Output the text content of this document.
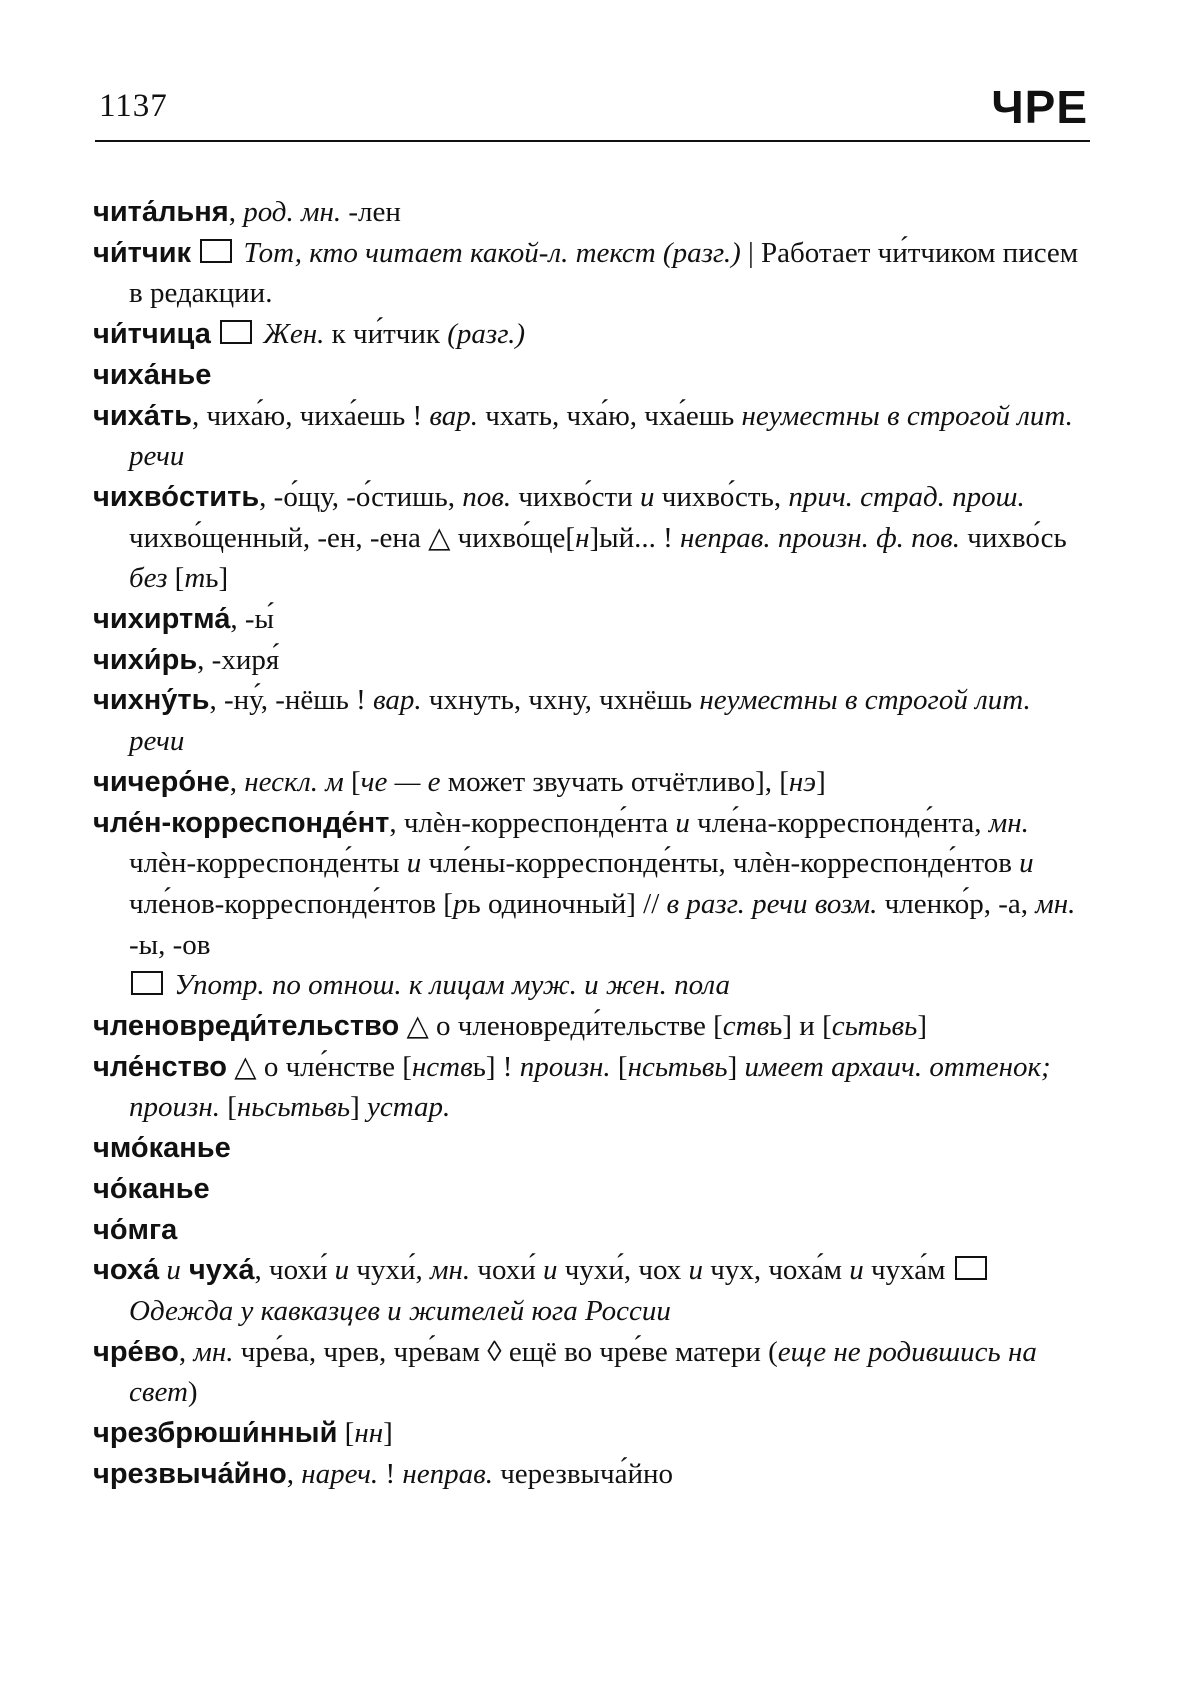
1137	ЧРЕ

чита́льня, род. мн. -лен

чи́тчик Тот, кто читает какой-л. текст (разг.) | Работает чи́тчиком писем в редакции.

чи́тчица Жен. к чи́тчик (разг.)

чиха́нье

чиха́ть, чиха́ю, чиха́ешь ! вар. чхать, чха́ю, чха́ешь неуместны в строгой лит. речи

чихво́стить, -о́щу, -о́стишь, пов. чихво́сти и чихво́сть, прич. страд. прош. чихво́щенный, -ен, -ена △ чихво́ще[н]ый... ! неправ. произн. ф. пов. чихво́сь без [ть]

чихиртма́, -ы́

чихи́рь, -хиря́

чихну́ть, -ну́, -нёшь ! вар. чхнуть, чхну, чхнёшь неуместны в строгой лит. речи

чичеро́не, нескл. м [че — е может звучать отчётливо], [нэ]

чле́н-корреспонде́нт, члѐн-корреспонде́нта и чле́на-корреспонде́нта, мн. члѐн-корреспонде́нты и чле́ны-корреспонде́нты, члѐн-корреспонде́нтов и чле́нов-корреспонде́нтов [рь одиночный] // в разг. речи возм. членко́р, -а, мн. -ы, -ов
Употр. по отнош. к лицам муж. и жен. пола

членовреди́тельство △ о членовреди́тельстве [ствь] и [сьтьвь]

чле́нство △ о чле́нстве [нствь] ! произн. [нсьтьвь] имеет архаич. оттенок; произн. [ньсьтьвь] устар.

чмо́канье

чо́канье

чо́мга

чоха́ и чуха́, чохи́ и чухи́, мн. чохи́ и чухи́, чох и чух, чоха́м и чуха́м  Одежда у кавказцев и жителей юга России

чре́во, мн. чре́ва, чрев, чре́вам ◊ ещё во чре́ве матери (еще не родившись на свет)

чрезбрюши́нный [нн]

чрезвыча́йно, нареч. ! неправ. черезвыча́йно
